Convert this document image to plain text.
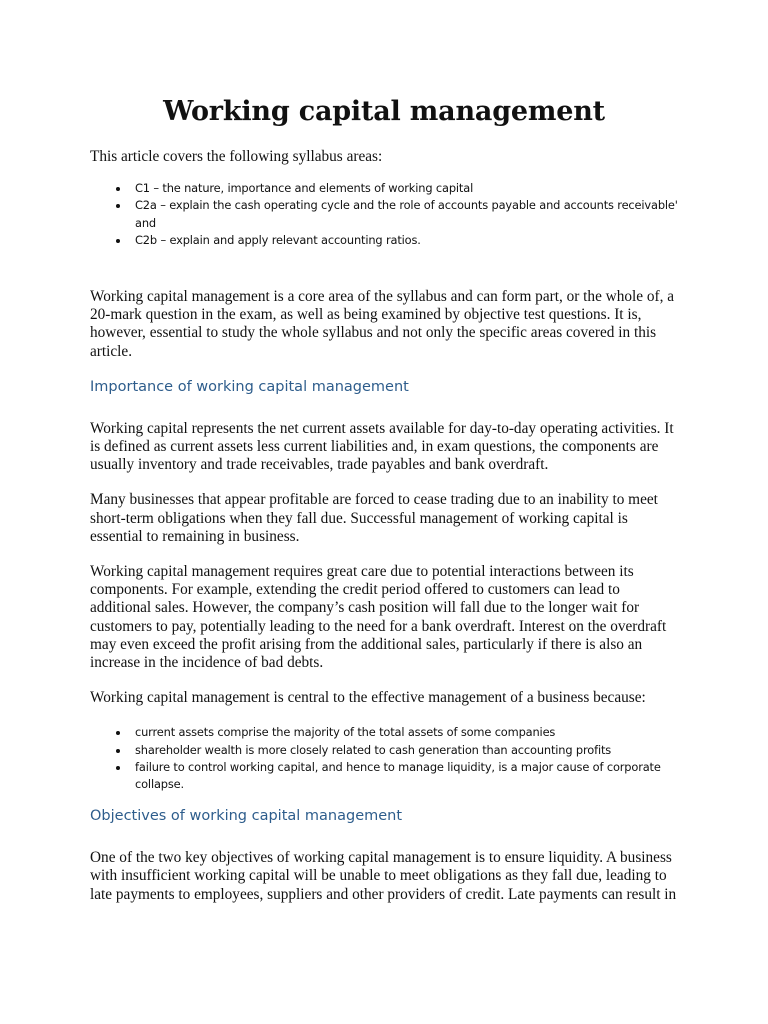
Working capital management

This article covers the following syllabus areas:

C1 – the nature, importance and elements of working capital
C2a – explain the cash operating cycle and the role of accounts payable and accounts receivable' and
C2b – explain and apply relevant accounting ratios.

Working capital management is a core area of the syllabus and can form part, or the whole of, a 20-mark question in the exam, as well as being examined by objective test questions. It is, however, essential to study the whole syllabus and not only the specific areas covered in this article.

Importance of working capital management

Working capital represents the net current assets available for day-to-day operating activities. It is defined as current assets less current liabilities and, in exam questions, the components are usually inventory and trade receivables, trade payables and bank overdraft.

Many businesses that appear profitable are forced to cease trading due to an inability to meet short-term obligations when they fall due. Successful management of working capital is essential to remaining in business.

Working capital management requires great care due to potential interactions between its components. For example, extending the credit period offered to customers can lead to additional sales. However, the company’s cash position will fall due to the longer wait for customers to pay, potentially leading to the need for a bank overdraft. Interest on the overdraft may even exceed the profit arising from the additional sales, particularly if there is also an increase in the incidence of bad debts.

Working capital management is central to the effective management of a business because:

current assets comprise the majority of the total assets of some companies
shareholder wealth is more closely related to cash generation than accounting profits
failure to control working capital, and hence to manage liquidity, is a major cause of corporate collapse.
Objectives of working capital management

One of the two key objectives of working capital management is to ensure liquidity. A business with insufficient working capital will be unable to meet obligations as they fall due, leading to late payments to employees, suppliers and other providers of credit. Late payments can result in
